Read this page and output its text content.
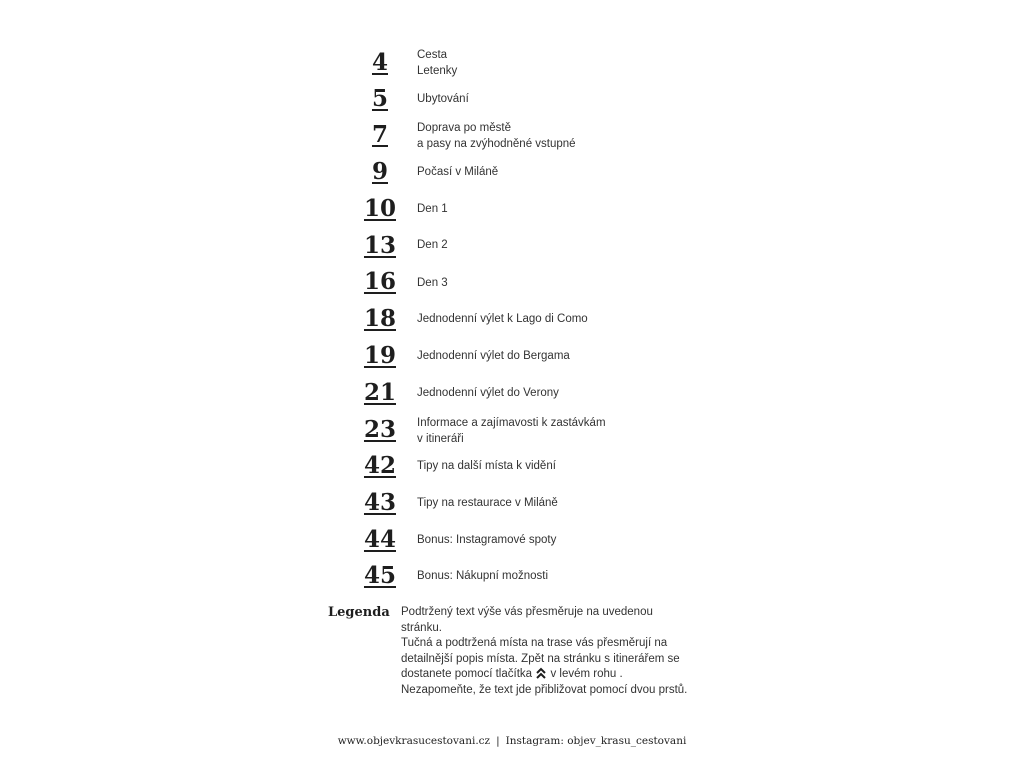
4	Cesta
Letenky
5	Ubytování
7	Doprava po městě
a pasy na zvýhodněné vstupné
9	Počasí v Miláně
10	Den 1
13	Den 2
16	Den 3
18	Jednodenní výlet k Lago di Como
19	Jednodenní výlet do Bergama
21	Jednodenní výlet do Verony
23	Informace a zajímavosti k zastávkám
v itineráři
42	Tipy na další místa k vidění
43	Tipy na restaurace v Miláně
44	Bonus: Instagramové spoty
45	Bonus: Nákupní možnosti
Legenda Podtržený text výše vás přesměruje na uvedenou
stránku.
Tučná a podtržená místa na trase vás přesměrují na
detailnější popis místa. Zpět na stránku s itinerářem se
dostanete pomocí tlačítka v levém rohu .
Nezapomeňte, že text jde přibližovat pomocí dvou prstů.
www.objevkrasucestovani.cz | Instagram: objev_krasu_cestovani
